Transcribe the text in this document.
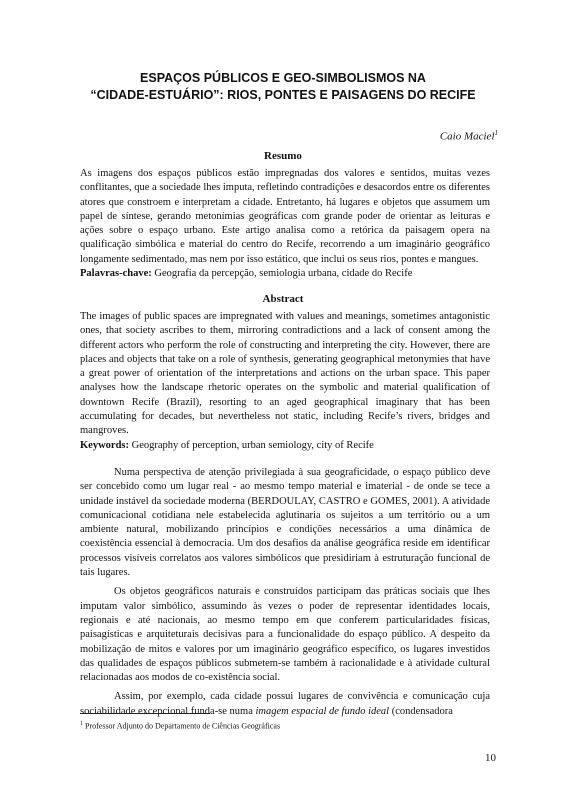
ESPAÇOS PÚBLICOS E GEO-SIMBOLISMOS NA
“CIDADE-ESTUÁRIO”: RIOS, PONTES E PAISAGENS DO RECIFE
Caio Maciel$^1$
Resumo

As imagens dos espaços públicos estão impregnadas dos valores e sentidos, muitas vezes conflitantes, que a sociedade lhes imputa, refletindo contradições e desacordos entre os diferentes atores que constroem e interpretam a cidade. Entretanto, há lugares e objetos que assumem um papel de síntese, gerando metonímias geográficas com grande poder de orientar as leituras e ações sobre o espaço urbano. Este artigo analisa como a retórica da paisagem opera na qualificação simbólica e material do centro do Recife, recorrendo a um imaginário geográfico longamente sedimentado, mas nem por isso estático, que inclui os seus rios, pontes e mangues.

Palavras-chave: Geografia da percepção, semiologia urbana, cidade do Recife

Abstract

The images of public spaces are impregnated with values and meanings, sometimes antagonistic ones, that society ascribes to them, mirroring contradictions and a lack of consent among the different actors who perform the role of constructing and interpreting the city. However, there are places and objects that take on a role of synthesis, generating geographical metonymies that have a great power of orientation of the interpretations and actions on the urban space. This paper analyses how the landscape rhetoric operates on the symbolic and material qualification of downtown Recife (Brazil), resorting to an aged geographical imaginary that has been accumulating for decades, but nevertheless not static, including Recife’s rivers, bridges and mangroves.

Keywords: Geography of perception, urban semiology, city of Recife

Numa perspectiva de atenção privilegiada à sua geograficidade, o espaço público deve ser concebido como um lugar real - ao mesmo tempo material e imaterial - de onde se tece a unidade instável da sociedade moderna (BERDOULAY, CASTRO e GOMES, 2001). A atividade comunicacional cotidiana nele estabelecida aglutinaria os sujeitos a um território ou a um ambiente natural, mobilizando princípios e condições necessários a uma dinâmica de coexistência essencial à democracia. Um dos desafios da análise geográfica reside em identificar processos visíveis correlatos aos valores simbólicos que presidiriam à estruturação funcional de tais lugares.

Os objetos geográficos naturais e construídos participam das práticas sociais que lhes imputam valor simbólico, assumindo às vezes o poder de representar identidades locais, regionais e até nacionais, ao mesmo tempo em que conferem particularidades físicas, paisagísticas e arquiteturais decisivas para a funcionalidade do espaço público. A despeito da mobilização de mitos e valores por um imaginário geográfico específico, os lugares investidos das qualidades de espaços públicos submetem-se também à racionalidade e à atividade cultural relacionadas aos modos de co-existência social.

Assim, por exemplo, cada cidade possui lugares de convivência e comunicação cuja sociabilidade excepcional funda-se numa imagem espacial de fundo ideal (condensadora

$^1$ Professor Adjunto do Departamento de Ciências Geográficas

10
